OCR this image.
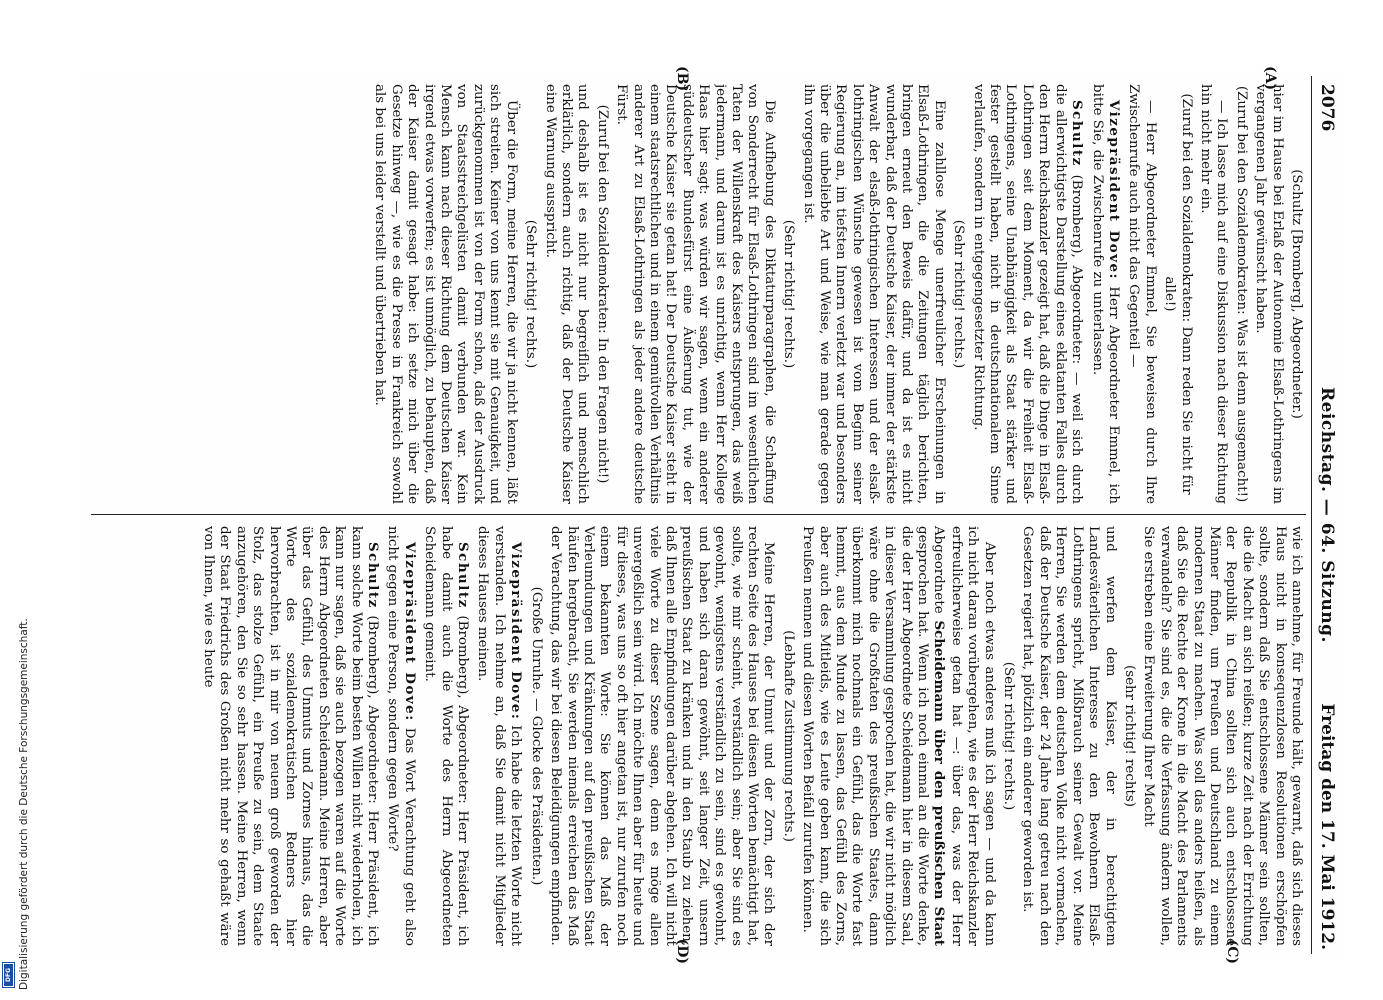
2076
Reichstag. — 64. Sitzung.
Freitag den 17. Mai 1912.
(A)
(B)
(C)
(D)

(Schultz [Bromberg], Abgeordneter.)

hier im Hause bei Erlaß der Autonomie Elsaß-Lothringens im vergangenen Jahr gewünscht haben.

(Zuruf bei den Sozialdemokraten: Was ist denn ausgemacht!)

— Ich lasse mich auf eine Diskussion nach dieser Richtung hin nicht mehr ein.

(Zuruf bei den Sozialdemokraten: Dann reden Sie nicht für alle!)

— Herr Abgeordneter Emmel, Sie beweisen durch Ihre Zwischenrufe auch nicht das Gegenteil —

Vizepräsident Dove: Herr Abgeordneter Emmel, ich bitte Sie, die Zwischenrufe zu unterlassen.

Schultz (Bromberg), Abgeordneter: — weil sich durch die allerwichtigste Darstellung eines eklatanten Falles durch den Herrn Reichskanzler gezeigt hat, daß die Dinge in Elsaß-Lothringen seit dem Moment, da wir die Freiheit Elsaß-Lothringens, seine Unabhängigkeit als Staat stärker und fester gestellt haben, nicht in deutschnationalem Sinne verlaufen, sondern in entgegengesetzter Richtung.

(Sehr richtig! rechts.)

Eine zahllose Menge unerfreulicher Erscheinungen in Elsaß-Lothringen, die die Zeitungen täglich berichten, bringen erneut den Beweis dafür, und da ist es nicht wunderbar, daß der Deutsche Kaiser, der immer der stärkste Anwalt der elsaß-lothringischen Interessen und der elsaß-lothringischen Wünsche gewesen ist vom Beginn seiner Regierung an, im tiefsten Innern verletzt war und besonders über die unbeliebte Art und Weise, wie man gerade gegen ihn vorgegangen ist.

(Sehr richtig! rechts.)

Die Aufhebung des Diktaturparagraphen, die Schaffung von Sonderrecht für Elsaß-Lothringen sind im wesentlichen Taten der Willenskraft des Kaisers entsprungen, das weiß jedermann, und darum ist es unrichtig, wenn Herr Kollege Haas hier sagt: was würden wir sagen, wenn ein anderer süddeutscher Bundesfürst eine Äußerung tut, wie der Deutsche Kaiser sie getan hat! Der Deutsche Kaiser steht in einem staatsrechtlichen und in einem gemütvollen Verhältnis anderer Art zu Elsaß-Lothringen als jeder andere deutsche Fürst.

(Zuruf bei den Sozialdemokraten: In den Fragen nicht!)

und deshalb ist es nicht nur begreiflich und menschlich erklärlich, sondern auch richtig, daß der Deutsche Kaiser eine Warnung ausspricht.

(Sehr richtig! rechts.)

Über die Form, meine Herren, die wir ja nicht kennen, läßt sich streiten. Keiner von uns kennt sie mit Genauigkeit, und zurückgenommen ist von der Form schon, daß der Ausdruck von Staatsstreichgelüsten damit verbunden war. Kein Mensch kann nach dieser Richtung dem Deutschen Kaiser irgend etwas vorwerfen; es ist unmöglich, zu behaupten, daß der Kaiser damit gesagt habe: ich setze mich über die Gesetze hinweg —, wie es die Presse in Frankreich sowohl als bei uns leider verstellt und übertrieben hat.

wie ich annehme, für Freunde hält, gewarnt, daß sich dieses Haus nicht in konsequenzlosen Resolutionen erschöpfen sollte, sondern daß Sie entschlossene Männer sein sollten, die die Macht an sich reißen; kurze Zeit nach der Errichtung der Republik in China sollten sich auch entschlossene Männer finden, um Preußen und Deutschland zu einem modernen Staat zu machen. Was soll das anders heißen, als daß Sie die Rechte der Krone in die Macht des Parlaments verwandeln? Sie sind es, die die Verfassung ändern wollen, Sie erstreben eine Erweiterung Ihrer Macht

(sehr richtig! rechts)

und werfen dem Kaiser, der in berechtigtem Landesväterlichen Interesse zu den Bewohnern Elsaß-Lothringens spricht, Mißbrauch seiner Gewalt vor. Meine Herren, Sie werden dem deutschen Volke nicht vormachen, daß der Deutsche Kaiser, der 24 Jahre lang getreu nach den Gesetzen regiert hat, plötzlich ein anderer geworden ist.

(Sehr richtig! rechts.)

Aber noch etwas anderes muß ich sagen — und da kann ich nicht daran vorübergehen, wie es der Herr Reichskanzler erfreulicherweise getan hat —: über das, was der Herr Abgeordnete Scheidemann über den preußischen Staat gesprochen hat. Wenn ich noch einmal an die Worte denke, die der Herr Abgeordnete Scheidemann hier in diesem Saal, in dieser Versammlung gesprochen hat, die wir nicht möglich wäre ohne die Großtaten des preußischen Staates, dann überkommt mich nochmals ein Gefühl, das die Worte fast hemmt, aus dem Munde zu lassen, das Gefühl des Zorns, aber auch des Mitleids, wie es Leute geben kann, die sich Preußen nennen und diesen Worten Beifall zurufen können.

(Lebhafte Zustimmung rechts.)

Meine Herren, der Unmut und der Zorn, der sich der rechten Seite des Hauses bei diesen Worten bemächtigt hat, sollte, wie mir scheint, verständlich sein; aber Sie sind es gewohnt, wenigstens verständlich zu sein, sind es gewohnt, und haben sich daran gewöhnt, seit langer Zeit, unsern preußischen Staat zu kränken und in den Staub zu ziehen, daß Ihnen alle Empfindungen darüber abgehen. Ich will nicht viele Worte zu dieser Szene sagen, denn es möge allen unvergeßlich sein wird. Ich möchte Ihnen aber für heute und für dieses, was uns so oft hier angetan ist, nur zurufen noch einem bekannten Worte: Sie können das Maß der Verleumdungen und Kränkungen auf den preußischen Staat häufen hergebracht, Sie werden niemals erreichen das Maß der Verachtung, das wir bei diesen Beleidigungen empfinden.

(Große Unruhe. — Glocke des Präsidenten.)

Vizepräsident Dove: Ich habe die letzten Worte nicht verstanden. Ich nehme an, daß Sie damit nicht Mitglieder dieses Hauses meinen.

Schultz (Bromberg), Abgeordneter: Herr Präsident, ich habe damit auch die Worte des Herrn Abgeordneten Scheidemann gemeint.

Vizepräsident Dove: Das Wort Verachtung geht also nicht gegen eine Person, sondern gegen Worte?

Schultz (Bromberg), Abgeordneter: Herr Präsident, ich kann solche Worte beim besten Willen nicht wiederholen, ich kann nur sagen, daß sie auch bezogen waren auf die Worte des Herrn Abgeordneten Scheidemann. Meine Herren, aber über das Gefühl, des Unmuts und Zornes hinaus, das die Worte des sozialdemokratischen Redners hier hervorbrachten, ist in mir von neuem groß geworden der Stolz, das stolze Gefühl, ein Preuße zu sein, dem Staate anzugehören, den Sie so sehr hassen. Meine Herren, wenn der Staat Friedrichs des Großen nicht mehr so gehaßt wäre von Ihnen, wie es heute

Digitalisierung gefördert durch die Deutsche Forschungsgemeinschaft.
DFG
